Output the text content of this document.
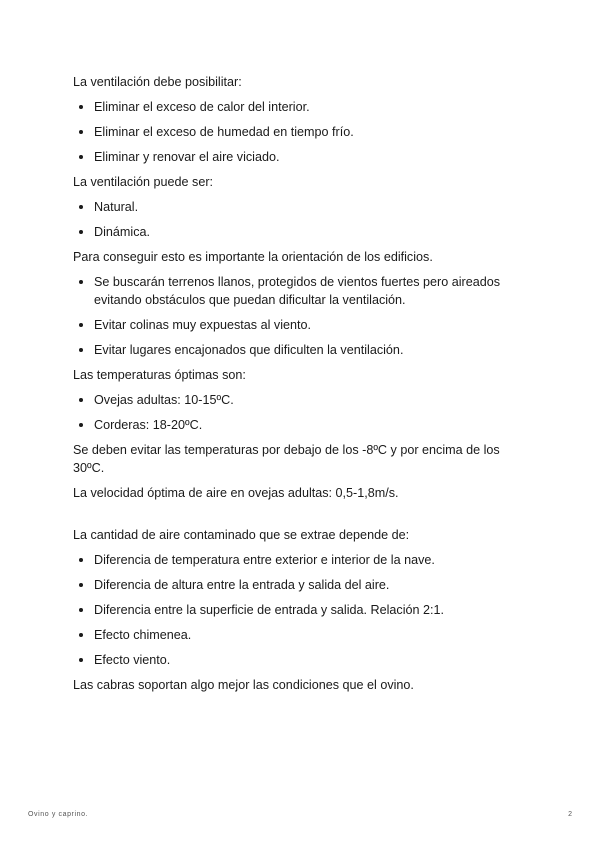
La ventilación debe posibilitar:

Eliminar el exceso de calor del interior.
Eliminar el exceso de humedad en tiempo frío.
Eliminar y renovar el aire viciado.

La ventilación puede ser:

Natural.
Dinámica.

Para conseguir esto es importante la orientación de los edificios.

Se buscarán terrenos llanos, protegidos de vientos fuertes pero aireados evitando obstáculos que puedan dificultar la ventilación.
Evitar colinas muy expuestas al viento.
Evitar lugares encajonados que dificulten la ventilación.

Las temperaturas óptimas son:

Ovejas adultas: 10-15ºC.
Corderas: 18-20ºC.

Se deben evitar las temperaturas por debajo de los -8ºC y por encima de los 30ºC.

La velocidad óptima de aire en ovejas adultas: 0,5-1,8m/s.

La cantidad de aire contaminado que se extrae depende de:

Diferencia de temperatura entre exterior e interior de la nave.
Diferencia de altura entre la entrada y salida del aire.
Diferencia entre la superficie de entrada y salida. Relación 2:1.
Efecto chimenea.
Efecto viento.

Las cabras soportan algo mejor las condiciones que el ovino.

Ovino y caprino.	2
